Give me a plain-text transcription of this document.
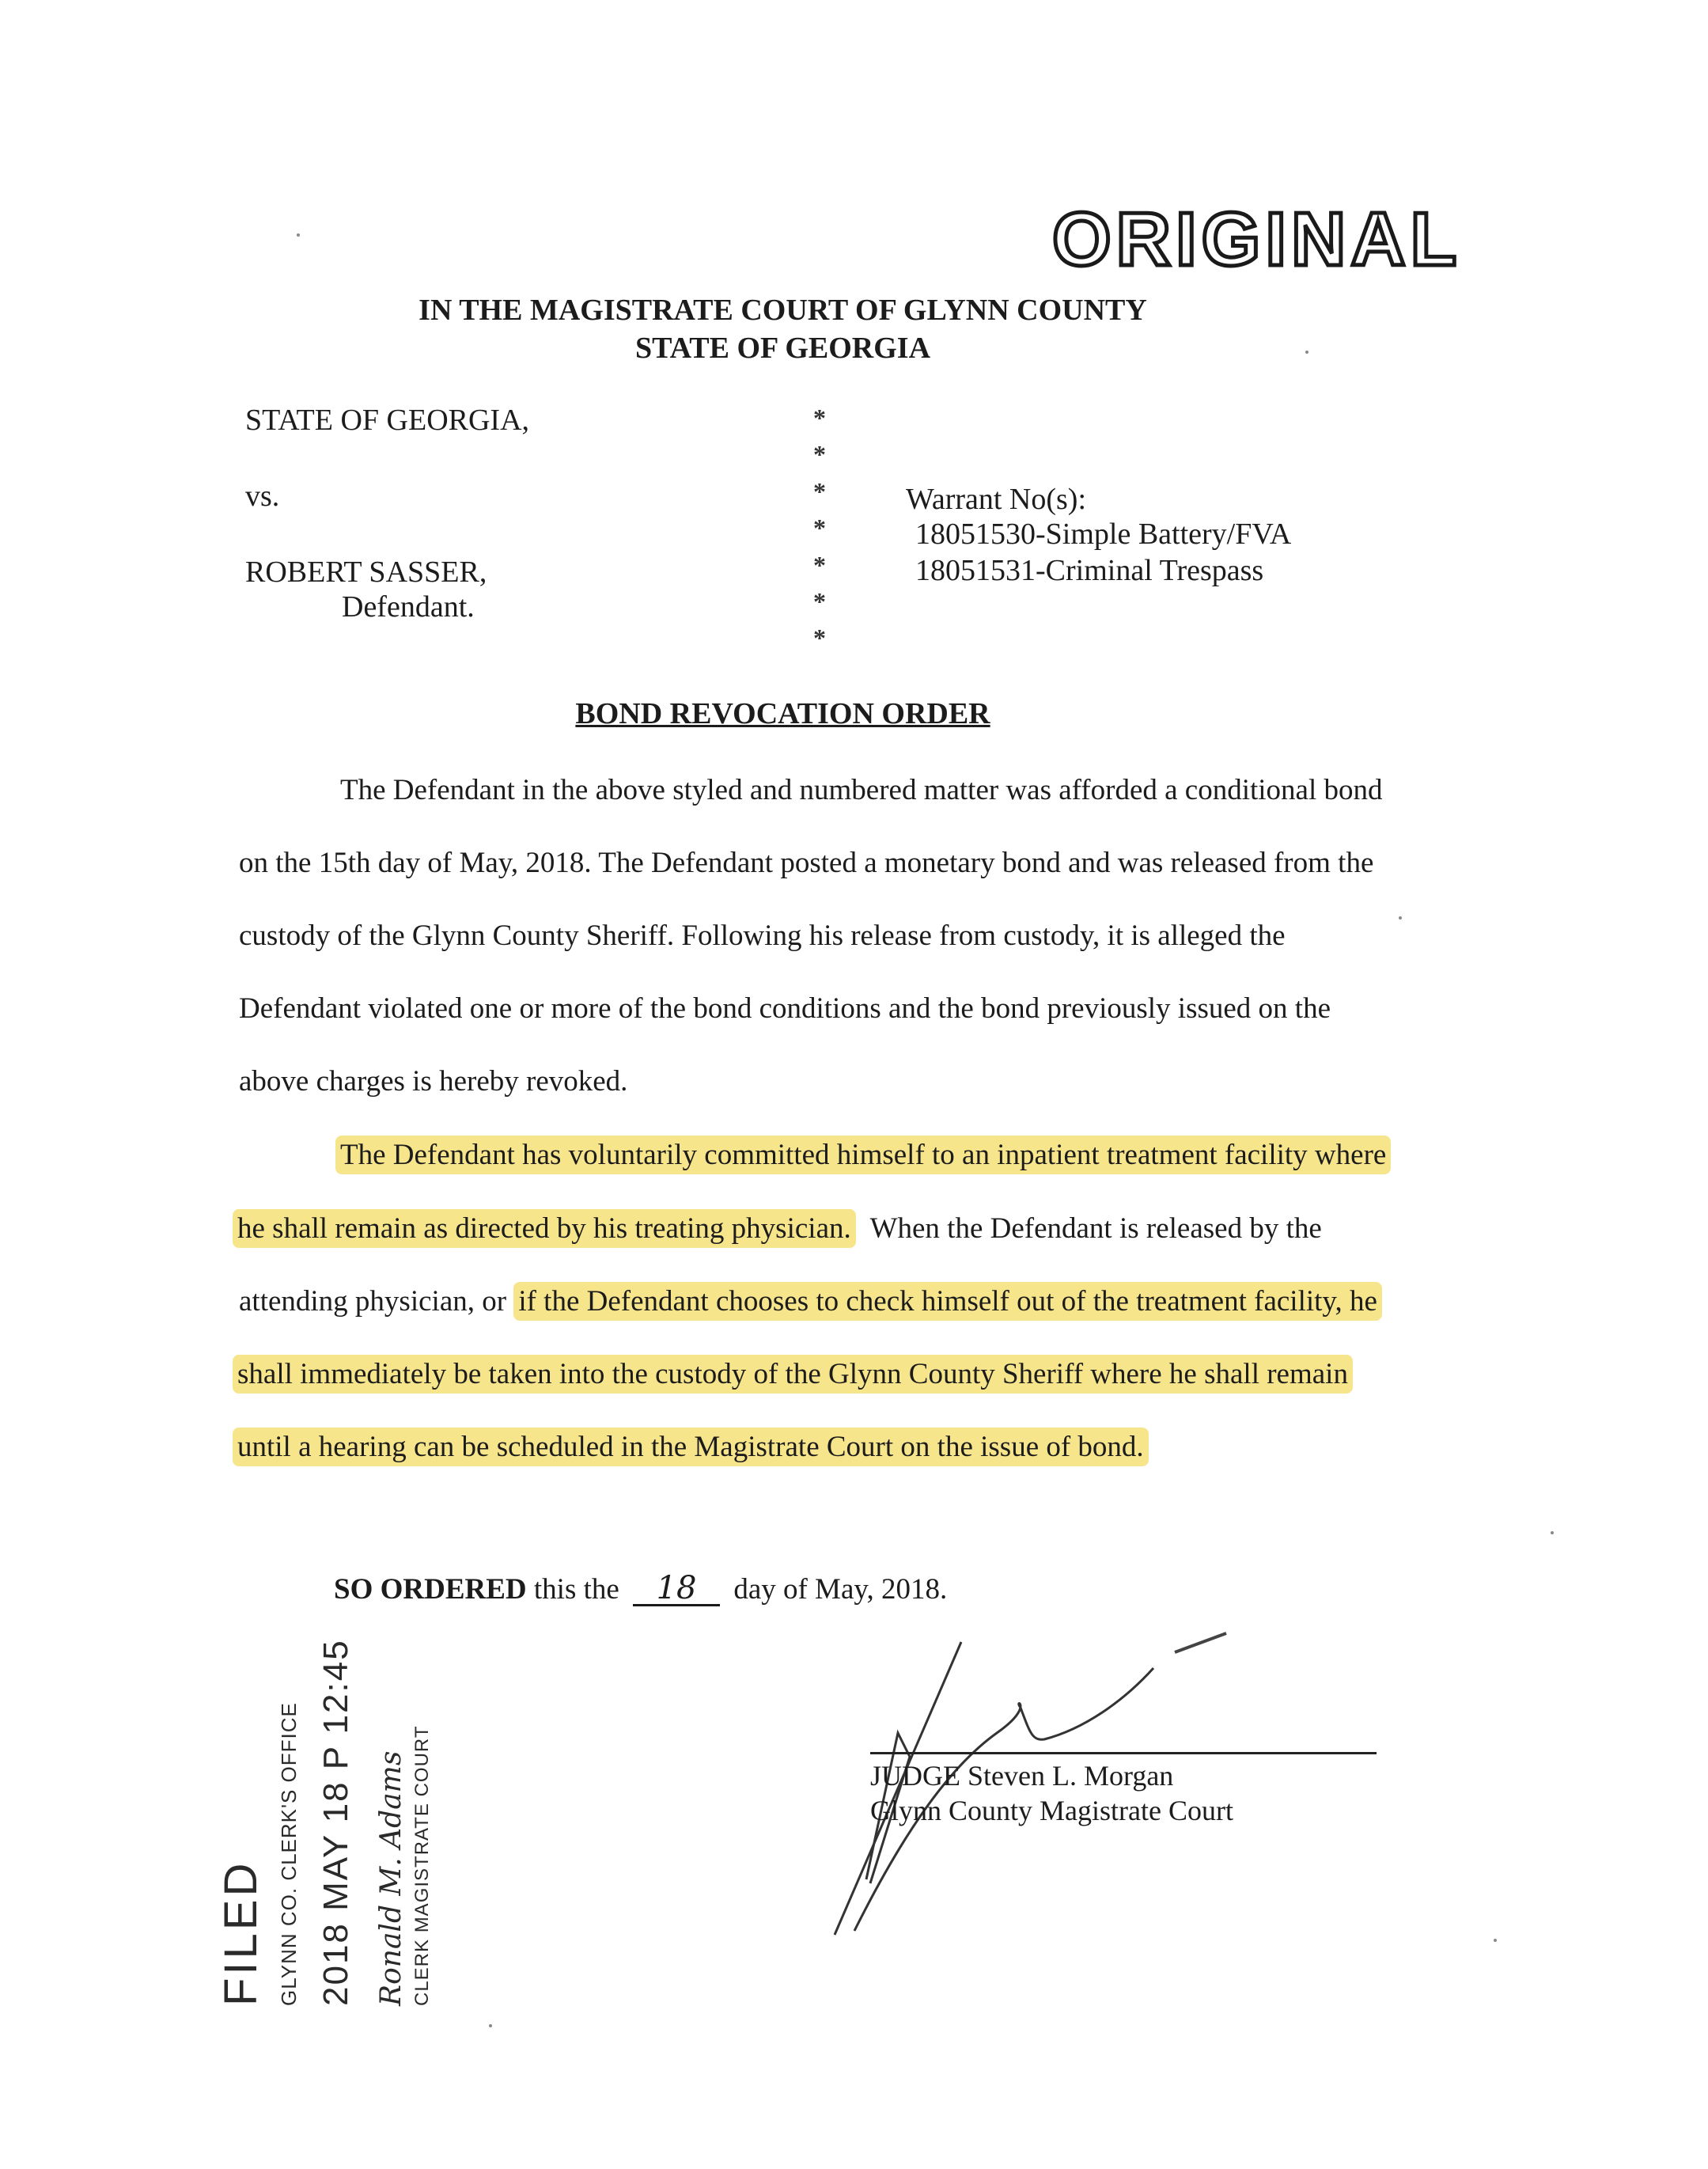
ORIGINAL
IN THE MAGISTRATE COURT OF GLYNN COUNTY
STATE OF GEORGIA
STATE OF GEORGIA,
vs.
ROBERT SASSER,
Defendant.
*
*
*
*
*
*
*
Warrant No(s):
18051530-Simple Battery/FVA
18051531-Criminal Trespass
BOND REVOCATION ORDER
The Defendant in the above styled and numbered matter was afforded a conditional bond
on the 15th day of May, 2018. The Defendant posted a monetary bond and was released from the
custody of the Glynn County Sheriff. Following his release from custody, it is alleged the
Defendant violated one or more of the bond conditions and the bond previously issued on the
above charges is hereby revoked.
The Defendant has voluntarily committed himself to an inpatient treatment facility where
he shall remain as directed by his treating physician.  When the Defendant is released by the
attending physician, or if the Defendant chooses to check himself out of the treatment facility, he
shall immediately be taken into the custody of the Glynn County Sheriff where he shall remain
until a hearing can be scheduled in the Magistrate Court on the issue of bond.
SO ORDERED this the 18 day of May, 2018.
JUDGE Steven L. Morgan
Glynn County Magistrate Court
FILED GLYNN CO. CLERK'S OFFICE 2018 MAY 18 P 12:45 Ronald M. Adams CLERK MAGISTRATE COURT
